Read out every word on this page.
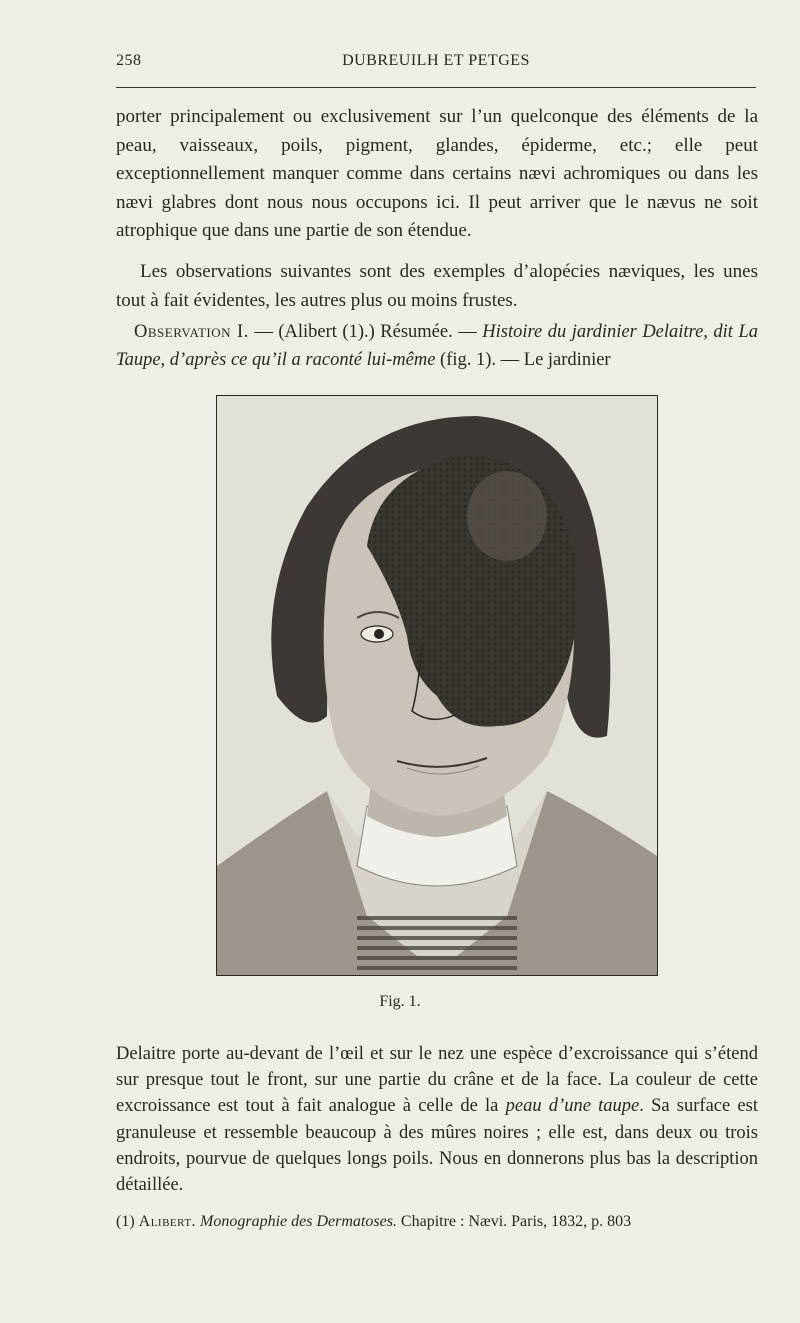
258	DUBREUILH ET PETGES
porter principalement ou exclusivement sur l’un quelconque des éléments de la peau, vaisseaux, poils, pigment, glandes, épiderme, etc.; elle peut exceptionnellement manquer comme dans certains nævi achromiques ou dans les nævi glabres dont nous nous occupons ici. Il peut arriver que le nævus ne soit atrophique que dans une partie de son étendue.
Les observations suivantes sont des exemples d’alopécies næviques, les unes tout à fait évidentes, les autres plus ou moins frustes.
Observation I. — (Alibert (1).) Résumée. — Histoire du jardinier Delaitre, dit La Taupe, d’après ce qu’il a raconté lui-même (fig. 1). — Le jardinier
Fig. 1.
Delaitre porte au-devant de l’œil et sur le nez une espèce d’excroissance qui s’étend sur presque tout le front, sur une partie du crâne et de la face. La couleur de cette excroissance est tout à fait analogue à celle de la peau d’une taupe. Sa surface est granuleuse et ressemble beaucoup à des mûres noires ; elle est, dans deux ou trois endroits, pourvue de quelques longs poils. Nous en donnerons plus bas la description détaillée.
(1) Alibert. Monographie des Dermatoses. Chapitre : Nævi. Paris, 1832, p. 803
